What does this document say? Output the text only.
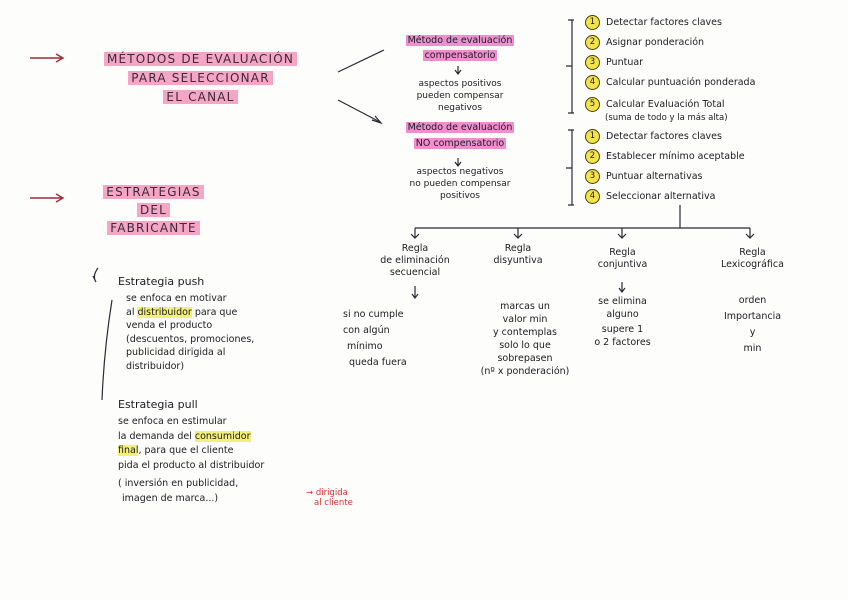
MÉTODOS DE EVALUACIÓN
PARA SELECCIONAR
EL CANAL
ESTRATEGIAS
DEL
FABRICANTE
Estrategia push
se enfoca en motivar
al distribuidor para que
venda el producto
(descuentos, promociones,
publicidad dirigida al
distribuidor)
Estrategia pull
se enfoca en estimular
la demanda del consumidor
final, para que el cliente
pida el producto al distribuidor
( inversión en publicidad,
imagen de marca...)	→ dirigida
al cliente
Método de evaluación
compensatorio
aspectos positivos
pueden compensar
negativos
Método de evaluación
NO compensatorio
aspectos negativos
no pueden compensar
positivos
1 Detectar factores claves
2 Asignar ponderación
3 Puntuar
4 Calcular puntuación ponderada
5 Calcular Evaluación Total
(suma de todo y la más alta)
1 Detectar factores claves
2 Establecer mínimo aceptable
3 Puntuar alternativas
4 Seleccionar alternativa
Regla
de eliminación
secuencial
si no cumple
con algún
mínimo
queda fuera
Regla
disyuntiva
marcas un
valor min
y contemplas
solo lo que
sobrepasen
(nº x ponderación)
Regla
conjuntiva
se elimina
alguno
supere 1
o 2 factores
Regla
Lexicográfica
orden
Importancia
y
min
